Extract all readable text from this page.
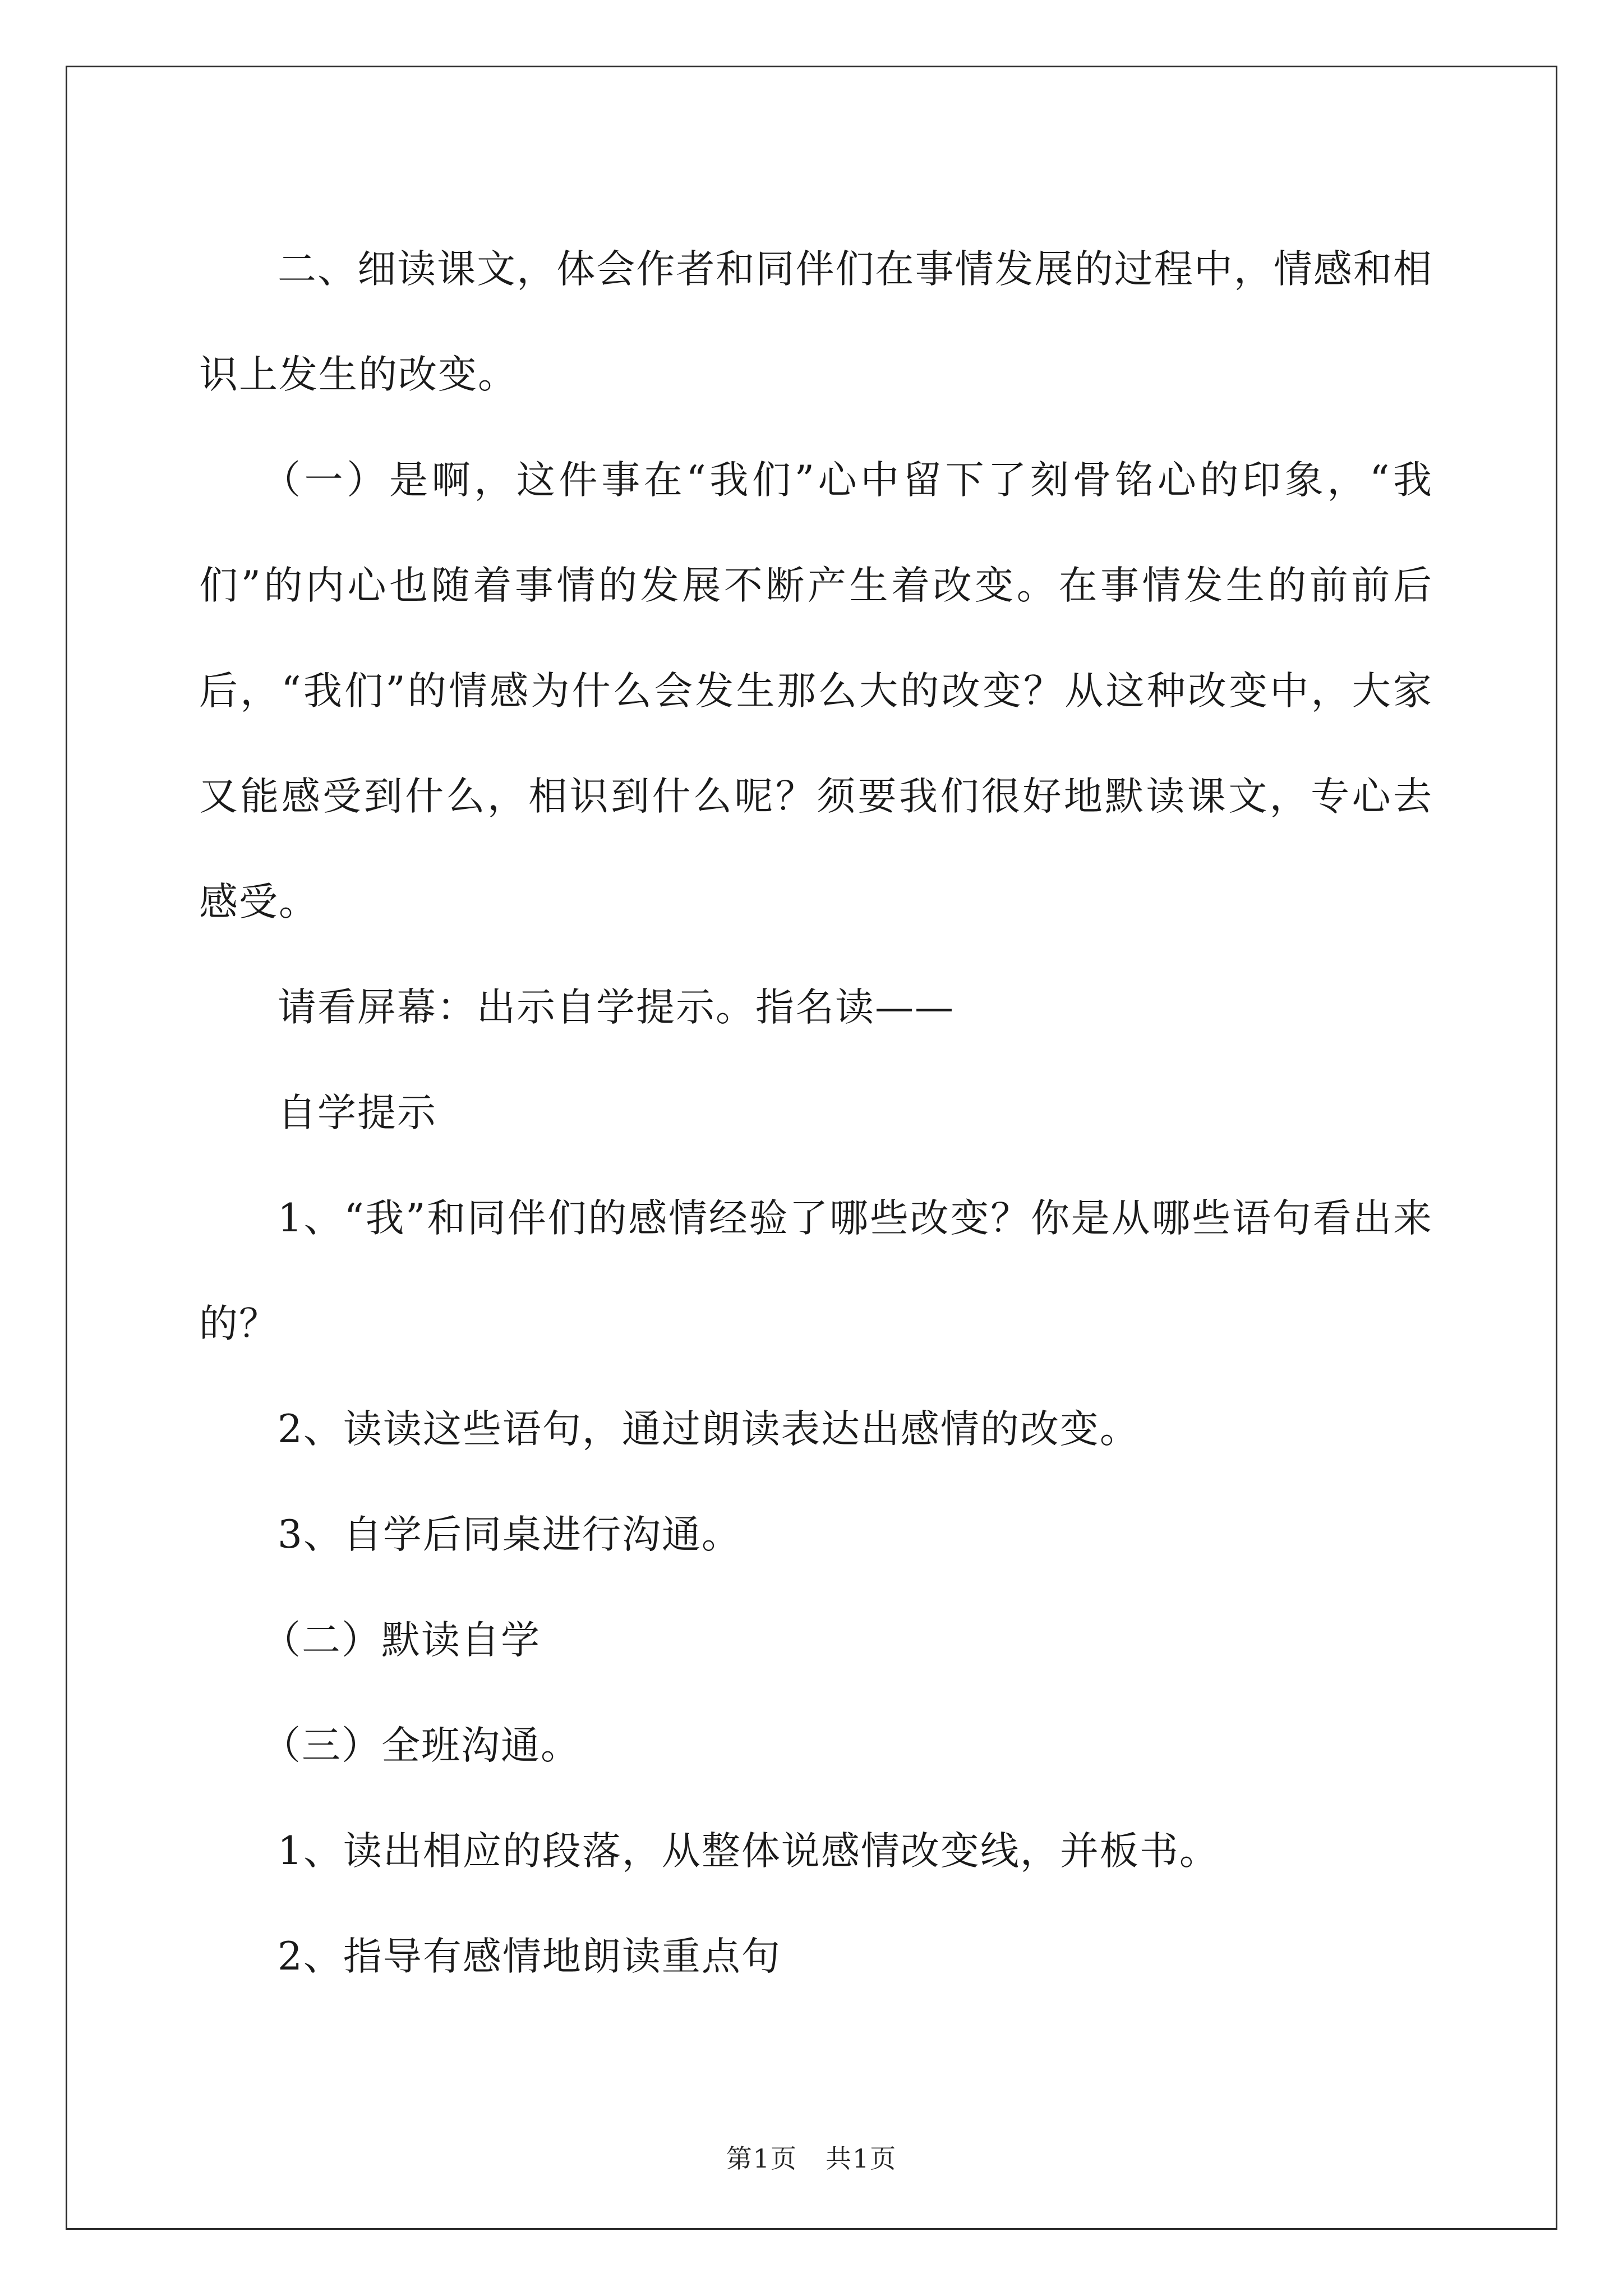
二、细读课文，体会作者和同伴们在事情发展的过程中，情感和相识上发生的改变。

（一）是啊，这件事在“我们”心中留下了刻骨铭心的印象，“我们”的内心也随着事情的发展不断产生着改变。在事情发生的前前后后，“我们”的情感为什么会发生那么大的改变？从这种改变中，大家又能感受到什么，相识到什么呢？须要我们很好地默读课文，专心去感受。

请看屏幕：出示自学提示。指名读——

自学提示

1、“我”和同伴们的感情经验了哪些改变？你是从哪些语句看出来的？

2、读读这些语句，通过朗读表达出感情的改变。

3、自学后同桌进行沟通。

（二）默读自学

（三）全班沟通。

1、读出相应的段落，从整体说感情改变线，并板书。

2、指导有感情地朗读重点句

第1页 共1页
